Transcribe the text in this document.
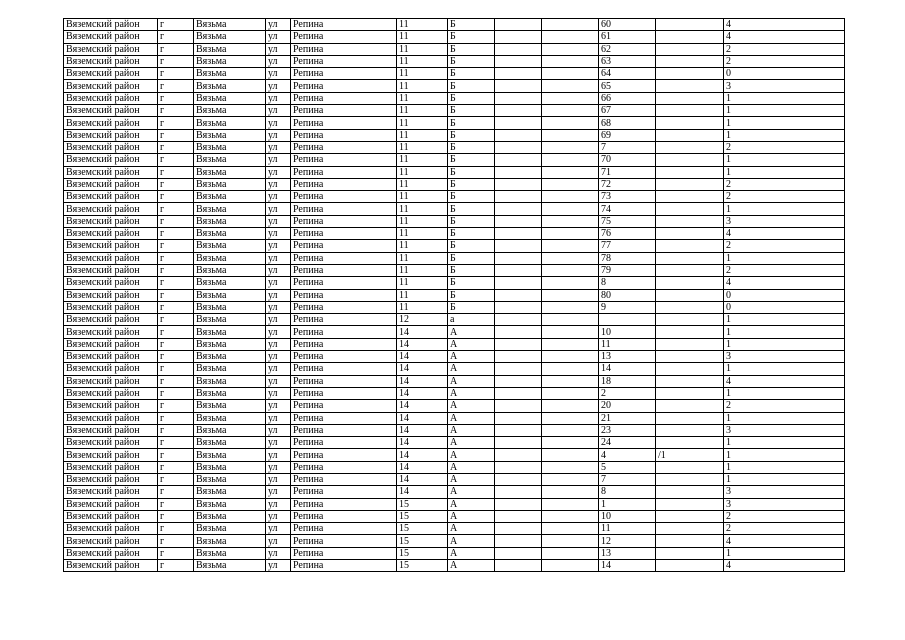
Вяземский район	г	Вязьма	ул	Репина	11	Б			60		4
Вяземский район	г	Вязьма	ул	Репина	11	Б			61		4
Вяземский район	г	Вязьма	ул	Репина	11	Б			62		2
Вяземский район	г	Вязьма	ул	Репина	11	Б			63		2
Вяземский район	г	Вязьма	ул	Репина	11	Б			64		0
Вяземский район	г	Вязьма	ул	Репина	11	Б			65		3
Вяземский район	г	Вязьма	ул	Репина	11	Б			66		1
Вяземский район	г	Вязьма	ул	Репина	11	Б			67		1
Вяземский район	г	Вязьма	ул	Репина	11	Б			68		1
Вяземский район	г	Вязьма	ул	Репина	11	Б			69		1
Вяземский район	г	Вязьма	ул	Репина	11	Б			7		2
Вяземский район	г	Вязьма	ул	Репина	11	Б			70		1
Вяземский район	г	Вязьма	ул	Репина	11	Б			71		1
Вяземский район	г	Вязьма	ул	Репина	11	Б			72		2
Вяземский район	г	Вязьма	ул	Репина	11	Б			73		2
Вяземский район	г	Вязьма	ул	Репина	11	Б			74		1
Вяземский район	г	Вязьма	ул	Репина	11	Б			75		3
Вяземский район	г	Вязьма	ул	Репина	11	Б			76		4
Вяземский район	г	Вязьма	ул	Репина	11	Б			77		2
Вяземский район	г	Вязьма	ул	Репина	11	Б			78		1
Вяземский район	г	Вязьма	ул	Репина	11	Б			79		2
Вяземский район	г	Вязьма	ул	Репина	11	Б			8		4
Вяземский район	г	Вязьма	ул	Репина	11	Б			80		0
Вяземский район	г	Вязьма	ул	Репина	11	Б			9		0
Вяземский район	г	Вязьма	ул	Репина	12	а					1
Вяземский район	г	Вязьма	ул	Репина	14	А			10		1
Вяземский район	г	Вязьма	ул	Репина	14	А			11		1
Вяземский район	г	Вязьма	ул	Репина	14	А			13		3
Вяземский район	г	Вязьма	ул	Репина	14	А			14		1
Вяземский район	г	Вязьма	ул	Репина	14	А			18		4
Вяземский район	г	Вязьма	ул	Репина	14	А			2		1
Вяземский район	г	Вязьма	ул	Репина	14	А			20		2
Вяземский район	г	Вязьма	ул	Репина	14	А			21		1
Вяземский район	г	Вязьма	ул	Репина	14	А			23		3
Вяземский район	г	Вязьма	ул	Репина	14	А			24		1
Вяземский район	г	Вязьма	ул	Репина	14	А			4	/1	1
Вяземский район	г	Вязьма	ул	Репина	14	А			5		1
Вяземский район	г	Вязьма	ул	Репина	14	А			7		1
Вяземский район	г	Вязьма	ул	Репина	14	А			8		3
Вяземский район	г	Вязьма	ул	Репина	15	А			1		3
Вяземский район	г	Вязьма	ул	Репина	15	А			10		2
Вяземский район	г	Вязьма	ул	Репина	15	А			11		2
Вяземский район	г	Вязьма	ул	Репина	15	А			12		4
Вяземский район	г	Вязьма	ул	Репина	15	А			13		1
Вяземский район	г	Вязьма	ул	Репина	15	А			14		4
